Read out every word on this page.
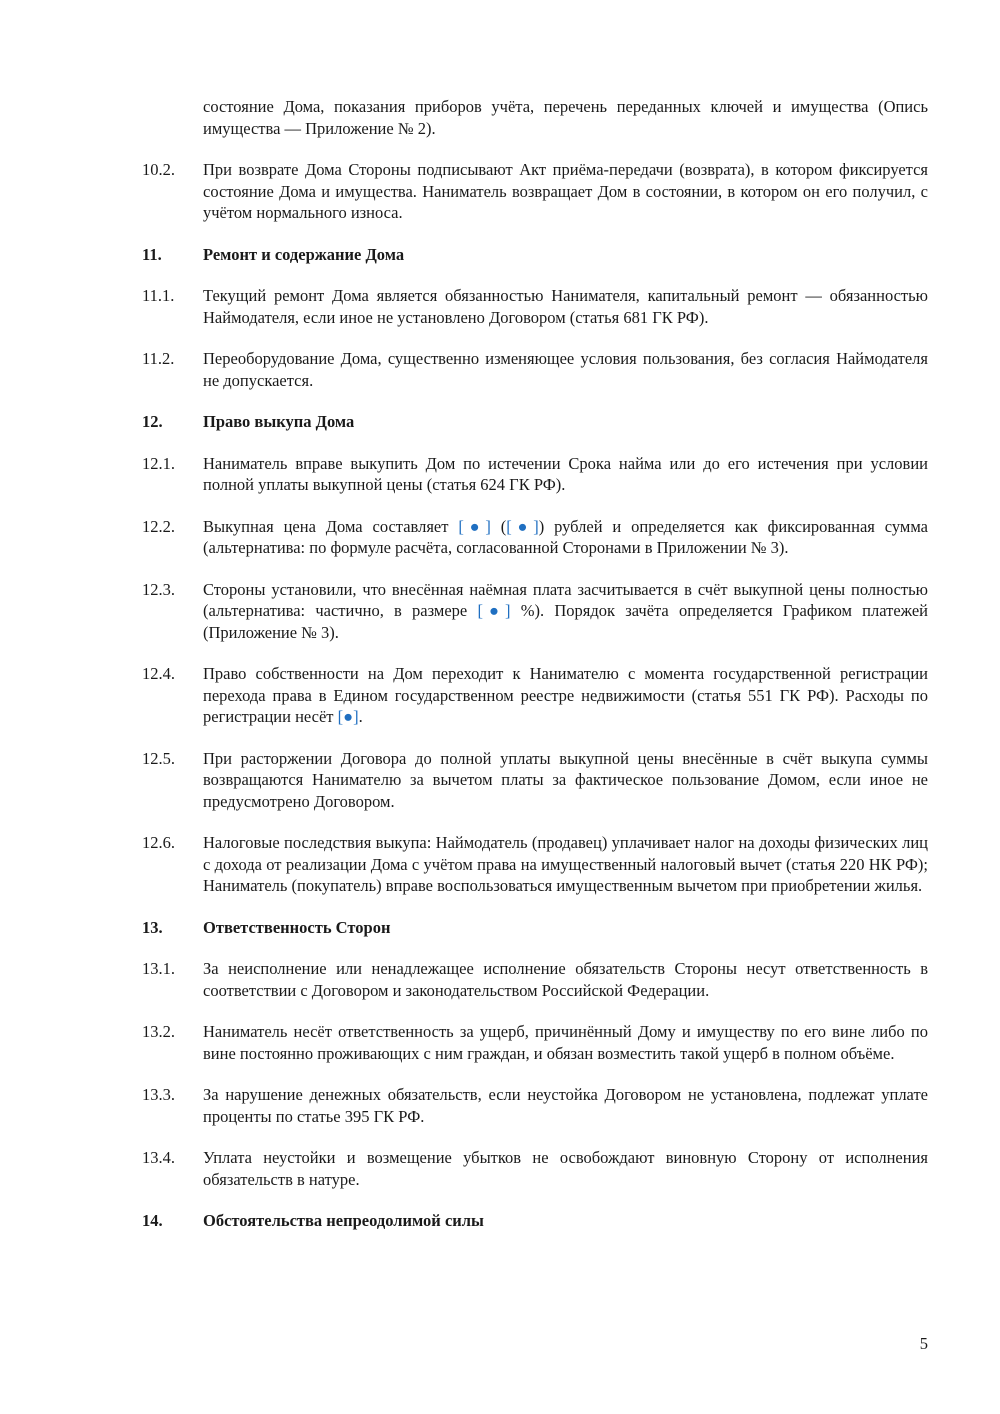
состояние Дома, показания приборов учёта, перечень переданных ключей и имущества (Опись имущества — Приложение № 2).
10.2.	При возврате Дома Стороны подписывают Акт приёма-передачи (возврата), в котором фиксируется состояние Дома и имущества. Наниматель возвращает Дом в состоянии, в котором он его получил, с учётом нормального износа.
11.	Ремонт и содержание Дома
11.1.	Текущий ремонт Дома является обязанностью Нанимателя, капитальный ремонт — обязанностью Наймодателя, если иное не установлено Договором (статья 681 ГК РФ).
11.2.	Переоборудование Дома, существенно изменяющее условия пользования, без согласия Наймодателя не допускается.
12.	Право выкупа Дома
12.1.	Наниматель вправе выкупить Дом по истечении Срока найма или до его истечения при условии полной уплаты выкупной цены (статья 624 ГК РФ).
12.2.	Выкупная цена Дома составляет [●] ([●]) рублей и определяется как фиксированная сумма (альтернатива: по формуле расчёта, согласованной Сторонами в Приложении № 3).
12.3.	Стороны установили, что внесённая наёмная плата засчитывается в счёт выкупной цены полностью (альтернатива: частично, в размере [●] %). Порядок зачёта определяется Графиком платежей (Приложение № 3).
12.4.	Право собственности на Дом переходит к Нанимателю с момента государственной регистрации перехода права в Едином государственном реестре недвижимости (статья 551 ГК РФ). Расходы по регистрации несёт [●].
12.5.	При расторжении Договора до полной уплаты выкупной цены внесённые в счёт выкупа суммы возвращаются Нанимателю за вычетом платы за фактическое пользование Домом, если иное не предусмотрено Договором.
12.6.	Налоговые последствия выкупа: Наймодатель (продавец) уплачивает налог на доходы физических лиц с дохода от реализации Дома с учётом права на имущественный налоговый вычет (статья 220 НК РФ); Наниматель (покупатель) вправе воспользоваться имущественным вычетом при приобретении жилья.
13.	Ответственность Сторон
13.1.	За неисполнение или ненадлежащее исполнение обязательств Стороны несут ответственность в соответствии с Договором и законодательством Российской Федерации.
13.2.	Наниматель несёт ответственность за ущерб, причинённый Дому и имуществу по его вине либо по вине постоянно проживающих с ним граждан, и обязан возместить такой ущерб в полном объёме.
13.3.	За нарушение денежных обязательств, если неустойка Договором не установлена, подлежат уплате проценты по статье 395 ГК РФ.
13.4.	Уплата неустойки и возмещение убытков не освобождают виновную Сторону от исполнения обязательств в натуре.
14.	Обстоятельства непреодолимой силы
5
